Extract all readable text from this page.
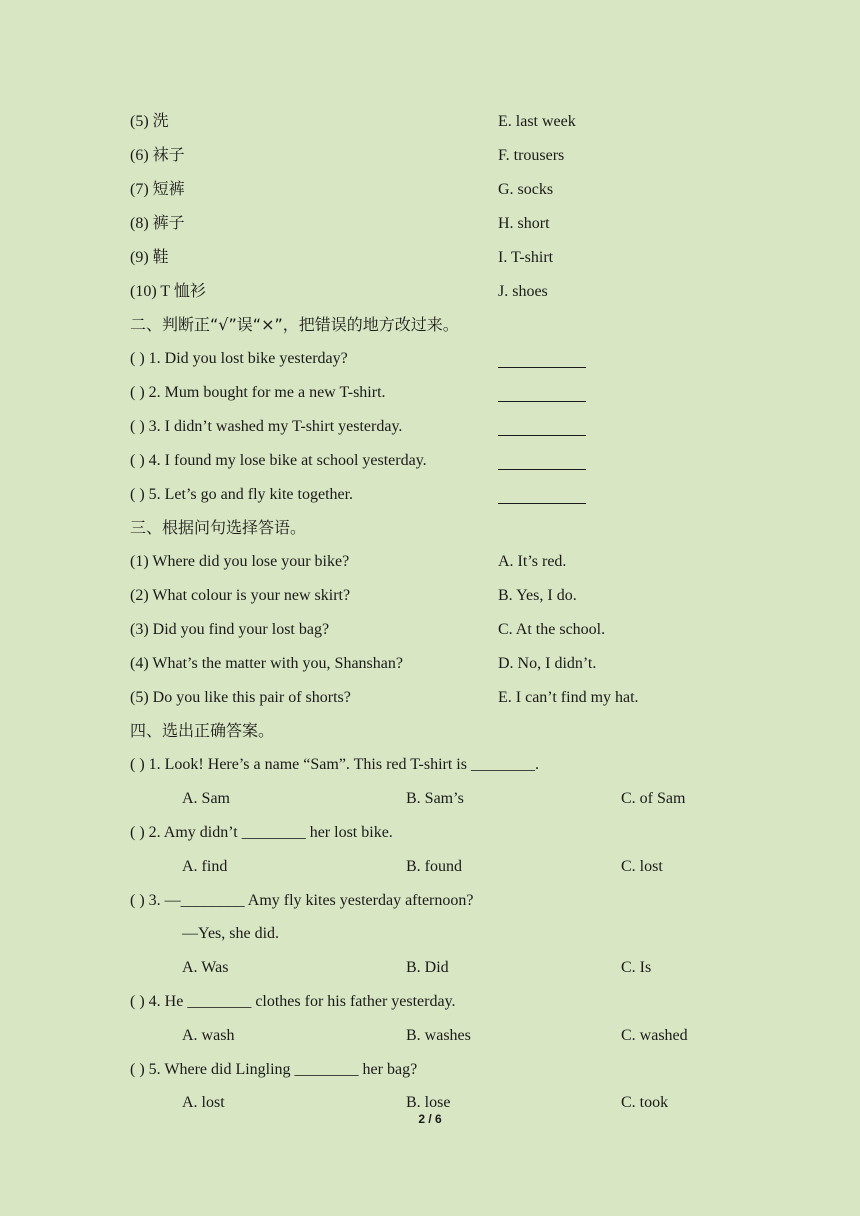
(5) 洗	E. last week
(6) 袜子	F. trousers
(7) 短裤	G. socks
(8) 裤子	H. short
(9) 鞋	I. T-shirt
(10) T 恤衫	J. shoes
二、判断正“√”误“×”，把错误的地方改过来。
( ) 1. Did you lost bike yesterday?
( ) 2. Mum bought for me a new T-shirt.
( ) 3. I didn’t washed my T-shirt yesterday.
( ) 4. I found my lose bike at school yesterday.
( ) 5. Let’s go and fly kite together.
三、根据问句选择答语。
(1) Where did you lose your bike?	A. It’s red.
(2) What colour is your new skirt?	B. Yes, I do.
(3) Did you find your lost bag?	C. At the school.
(4) What’s the matter with you, Shanshan?	D. No, I didn’t.
(5) Do you like this pair of shorts?	E. I can’t find my hat.
四、选出正确答案。
( ) 1. Look! Here’s a name “Sam”. This red T-shirt is ________.
A. Sam	B. Sam’s	C. of Sam
( ) 2. Amy didn’t ________ her lost bike.
A. find	B. found	C. lost
( ) 3. —________ Amy fly kites yesterday afternoon?
—Yes, she did.
A. Was	B. Did	C. Is
( ) 4. He ________ clothes for his father yesterday.
A. wash	B. washes	C. washed
( ) 5. Where did Lingling ________ her bag?
A. lost	B. lose	C. took
2 / 6
